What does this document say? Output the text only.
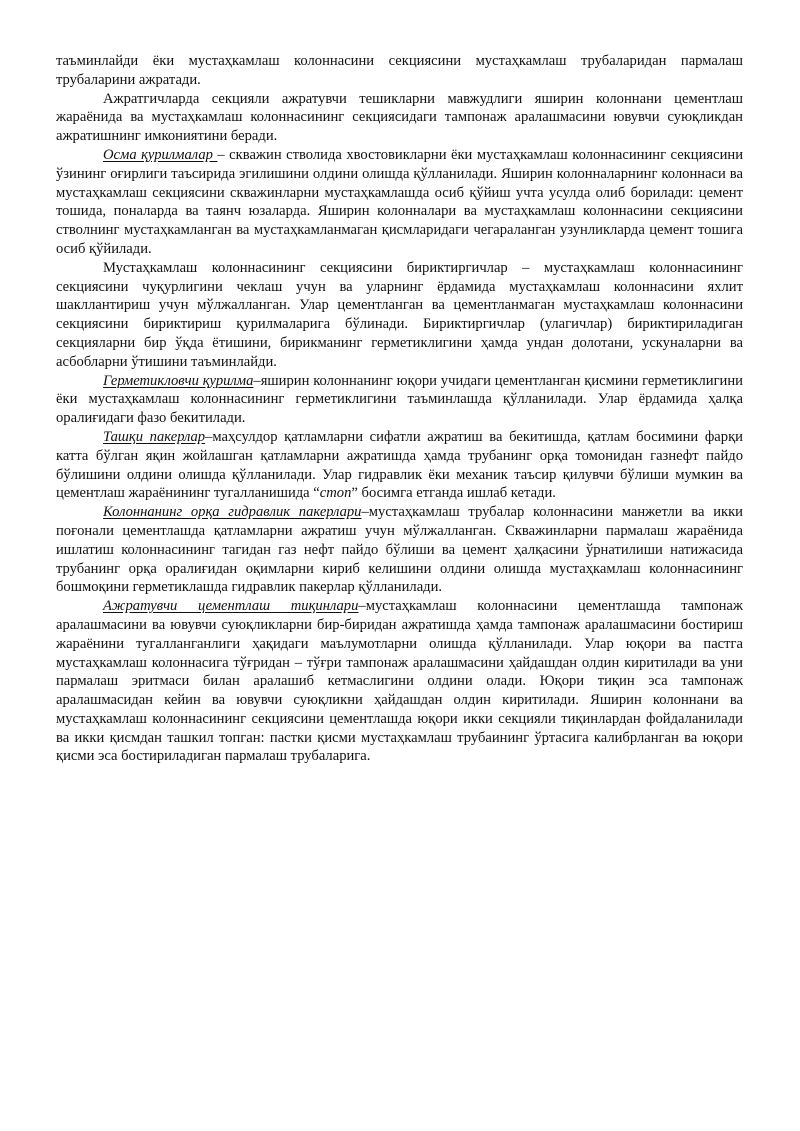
таъминлайди ёки мустаҳкамлаш колоннасини секциясини мустаҳкамлаш трубаларидан пармалаш трубаларини ажратади.

Ажратгичларда секцияли ажратувчи тешикларни мавжудлиги яширин колоннани цементлаш жараёнида ва мустаҳкамлаш колоннасининг секциясидаги тампонаж аралашмасини ювувчи суюқликдан ажратишнинг имкониятини беради.

Осма қурилмалар – скважин стволида хвостовикларни ёки мустаҳкамлаш колоннасининг секциясини ўзининг оғирлиги таъсирида эгилишини олдини олишда қўлланилади. Яширин колонналарнинг колоннаси ва мустаҳкамлаш секциясини скважинларни мустаҳкамлашда осиб қўйиш учта усулда олиб борилади: цемент тошида, поналарда ва таянч юзаларда. Яширин колонналари ва мустаҳкамлаш колоннасини секциясини стволнинг мустаҳкамланган ва мустаҳкамланмаган қисмларидаги чегараланган узунликларда цемент тошига осиб қўйилади.

Мустаҳкамлаш колоннасининг секциясини бириктиргичлар – мустаҳкамлаш колоннасининг секциясини чуқурлигини чеклаш учун ва уларнинг ёрдамида мустаҳкамлаш колоннасини яхлит шакллантириш учун мўлжалланган. Улар цементланган ва цементланмаган мустаҳкамлаш колоннасини секциясини бириктириш қурилмаларига бўлинади. Бириктиргичлар (улагичлар) бириктириладиган секцияларни бир ўқда ётишини, бирикманинг герметиклигини ҳамда ундан долотани, ускуналарни ва асбобларни ўтишини таъминлайди.

Герметикловчи қурилма–яширин колоннанинг юқори учидаги цементланган қисмини герметиклигини ёки мустаҳкамлаш колоннасининг герметиклигини таъминлашда қўлланилади. Улар ёрдамида ҳалқа оралиғидаги фазо бекитилади.

Ташқи пакерлар–маҳсулдор қатламларни сифатли ажратиш ва бекитишда, қатлам босимини фарқи катта бўлган яқин жойлашган қатламларни ажратишда ҳамда трубанинг орқа томонидан газнефт пайдо бўлишини олдини олишда қўлланилади. Улар гидравлик ёки механик таъсир қилувчи бўлиши мумкин ва цементлаш жараёнининг тугалланишида “стоп” босимга етганда ишлаб кетади.

Колоннанинг орқа гидравлик пакерлари–мустаҳкамлаш трубалар колоннасини манжетли ва икки поғонали цементлашда қатламларни ажратиш учун мўлжалланган. Скважинларни пармалаш жараёнида ишлатиш колоннасининг тагидан газ нефт пайдо бўлиши ва цемент ҳалқасини ўрнатилиши натижасида трубанинг орқа оралиғидан оқимларни кириб келишини олдини олишда мустаҳкамлаш колоннасининг бошмоқини герметиклашда гидравлик пакерлар қўлланилади.

Ажратувчи цементлаш тиқинлари–мустаҳкамлаш колоннасини цементлашда тампонаж аралашмасини ва ювувчи суюқликларни бир-биридан ажратишда ҳамда тампонаж аралашмасини бостириш жараёнини тугалланганлиги ҳақидаги маълумотларни олишда қўлланилади. Улар юқори ва пастга мустаҳкамлаш колоннасига тўғридан – тўғри тампонаж аралашмасини ҳайдашдан олдин киритилади ва уни пармалаш эритмаси билан аралашиб кетмаслигини олдини олади. Юқори тиқин эса тампонаж аралашмасидан кейин ва ювувчи суюқликни ҳайдашдан олдин киритилади. Яширин колоннани ва мустаҳкамлаш колоннасининг секциясини цементлашда юқори икки секцияли тиқинлардан фойдаланилади ва икки қисмдан ташкил топган: пастки қисми мустаҳкамлаш трубаининг ўртасига калибрланган ва юқори қисми эса бостириладиган пармалаш трубаларига.
